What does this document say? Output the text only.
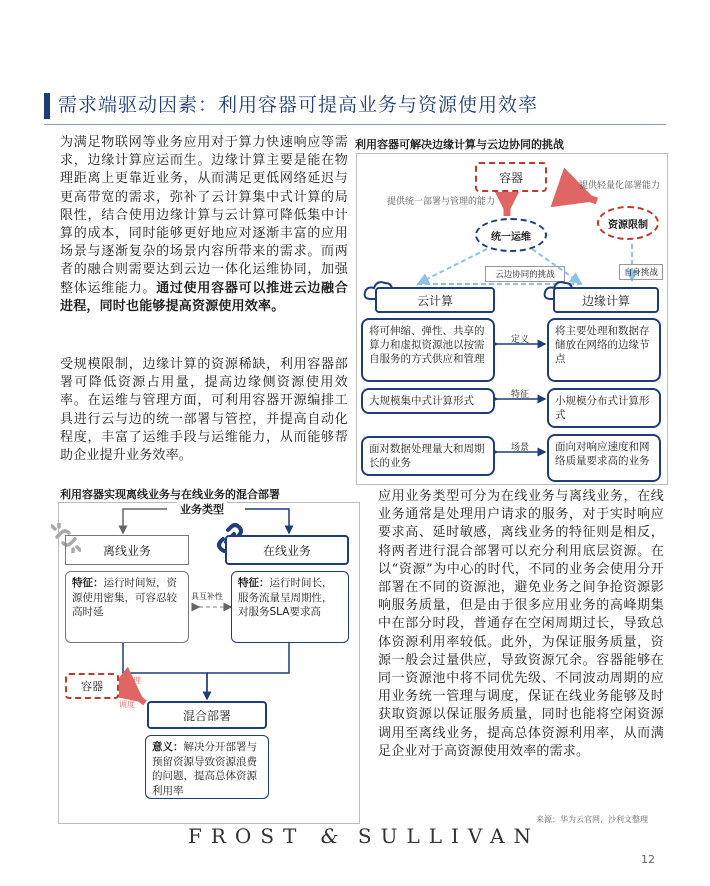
需求端驱动因素：利用容器可提高业务与资源使用效率
为满足物联网等业务应用对于算力快速响应等需求，边缘计算应运而生。边缘计算主要是能在物理距离上更靠近业务，从而满足更低网络延迟与更高带宽的需求，弥补了云计算集中式计算的局限性，结合使用边缘计算与云计算可降低集中计算的成本，同时能够更好地应对逐渐丰富的应用场景与逐渐复杂的场景内容所带来的需求。而两者的融合则需要达到云边一体化运维协同，加强整体运维能力。通过使用容器可以推进云边融合进程，同时也能够提高资源使用效率。
受规模限制，边缘计算的资源稀缺，利用容器部署可降低资源占用量，提高边缘侧资源使用效率。在运维与管理方面，可利用容器开源编排工具进行云与边的统一部署与管控，并提高自动化程度，丰富了运维手段与运维能力，从而能够帮助企业提升业务效率。
利用容器可解决边缘计算与云边协同的挑战
容器
提供统一部署与管理的能力
提供轻量化部署能力
统一运维
资源限制
云边协同的挑战	自身挑战
云计算	边缘计算
将可伸缩、弹性、共享的算力和虚拟资源池以按需自服务的方式供应和管理
定义
将主要处理和数据存储放在网络的边缘节点
大规模集中式计算形式	特征	小规模分布式计算形式
面对数据处理量大和周期长的业务
场景	面向对响应速度和网络质量要求高的业务
利用容器实现离线业务与在线业务的混合部署
业务类型
离线业务	在线业务
特征：运行时间短，资源使用密集，可容忍较高时延
具互补性
特征：运行时间长，服务流量呈周期性，对服务SLA要求高
容器	管理
调度
混合部署
意义：解决分开部署与预留资源导致资源浪费的问题，提高总体资源利用率
应用业务类型可分为在线业务与离线业务，在线业务通常是处理用户请求的服务，对于实时响应要求高、延时敏感，离线业务的特征则是相反，将两者进行混合部署可以充分利用底层资源。在以“资源”为中心的时代，不同的业务会使用分开部署在不同的资源池，避免业务之间争抢资源影响服务质量，但是由于很多应用业务的高峰期集中在部分时段，普通存在空闲周期过长，导致总体资源利用率较低。此外，为保证服务质量，资源一般会过量供应，导致资源冗余。容器能够在同一资源池中将不同优先级、不同波动周期的应用业务统一管理与调度，保证在线业务能够及时获取资源以保证服务质量，同时也能将空闲资源调用至离线业务，提高总体资源利用率，从而满足企业对于高资源使用效率的需求。
来源：华为云官网，沙利文整理
FROST & SULLIVAN
12
